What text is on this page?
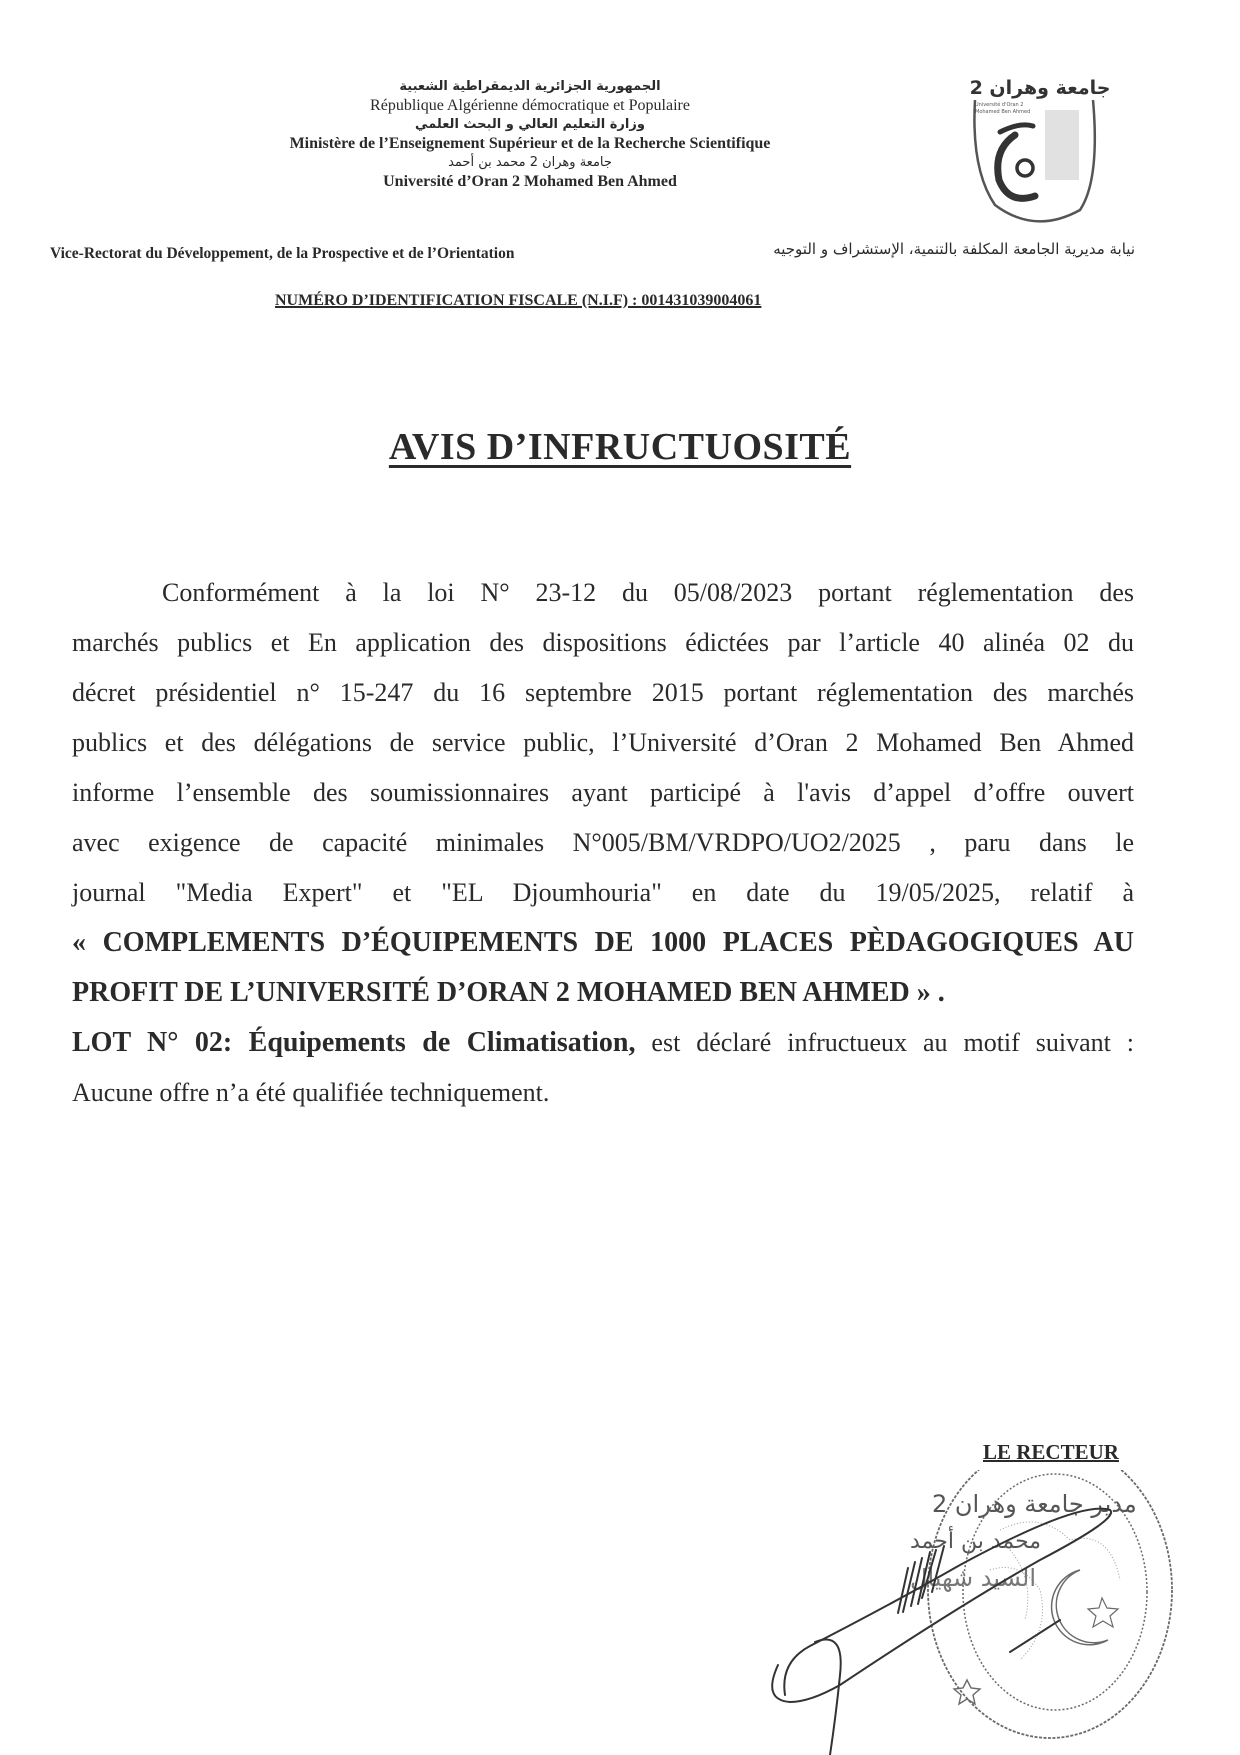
الجمهورية الجزائرية الديمقراطية الشعبية
République Algérienne démocratique et Populaire
وزارة التعليم العالي و البحث العلمي
Ministère de l’Enseignement Supérieur et de la Recherche Scientifique
جامعة وهران 2 محمد بن أحمد
Université d’Oran 2 Mohamed Ben Ahmed
جامعة وهران 2
Université d'Oran 2
Mohamed Ben Ahmed
Vice-Rectorat du Développement, de la Prospective et de l’Orientation	نيابة مديرية الجامعة المكلفة بالتنمية، الإستشراف و التوجيه
NUMÉRO D’IDENTIFICATION FISCALE (N.I.F) : 001431039004061
AVIS D’INFRUCTUOSITÉ
Conformément à la loi N° 23-12 du 05/08/2023 portant réglementation des
marchés publics et En application des dispositions édictées par l’article 40 alinéa 02 du
décret présidentiel n° 15-247 du 16 septembre 2015 portant réglementation des marchés
publics et des délégations de service public, l’Université d’Oran 2 Mohamed Ben Ahmed
informe l’ensemble des soumissionnaires ayant participé à l'avis d’appel d’offre ouvert
avec exigence de capacité minimales N°005/BM/VRDPO/UO2/2025 , paru dans le
journal "Media Expert" et "EL Djoumhouria" en date du 19/05/2025, relatif à
« COMPLEMENTS D’ÉQUIPEMENTS DE 1000 PLACES PÈDAGOGIQUES AU
PROFIT DE L’UNIVERSITÉ D’ORAN 2 MOHAMED BEN AHMED » .
LOT N° 02: Équipements de Climatisation, est déclaré infructueux au motif suivant :
Aucune offre n’a été qualifiée techniquement.
LE RECTEUR
مدير جامعة وهران 2
محمد بن أحمد
السيد شهيال
